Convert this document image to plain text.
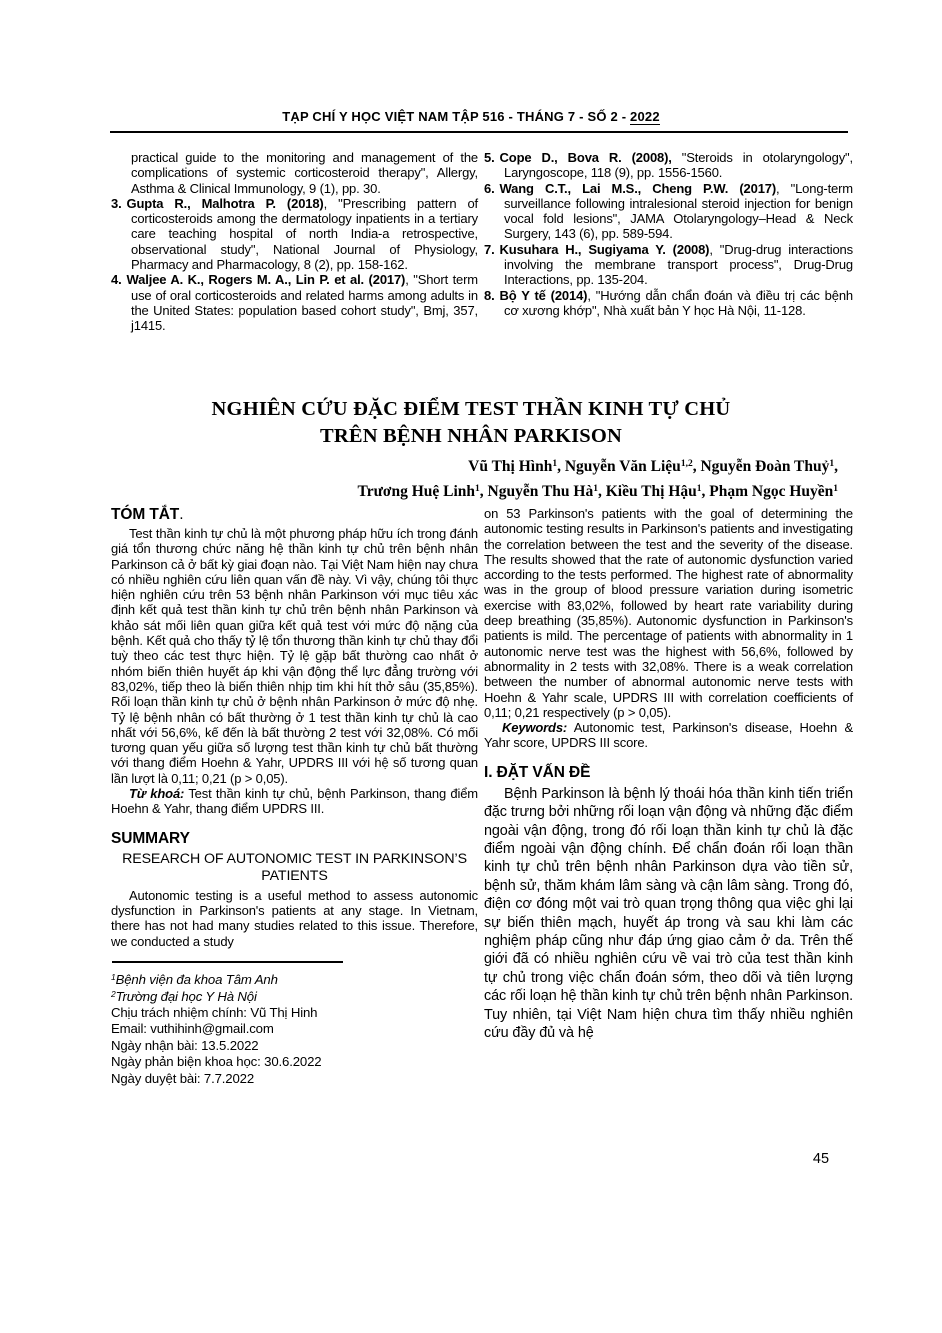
TẠP CHÍ Y HỌC VIỆT NAM TẬP 516 - THÁNG 7 - SỐ 2 - 2022

practical guide to the monitoring and management of the complications of systemic corticosteroid therapy", Allergy, Asthma & Clinical Immunology, 9 (1), pp. 30.

3. Gupta R., Malhotra P. (2018), "Prescribing pattern of corticosteroids among the dermatology inpatients in a tertiary care teaching hospital of north India-a retrospective, observational study", National Journal of Physiology, Pharmacy and Pharmacology, 8 (2), pp. 158-162.

4. Waljee A. K., Rogers M. A., Lin P. et al. (2017), "Short term use of oral corticosteroids and related harms among adults in the United States: population based cohort study", Bmj, 357, j1415.

5. Cope D., Bova R. (2008), "Steroids in otolaryngology", Laryngoscope, 118 (9), pp. 1556-1560.

6. Wang C.T., Lai M.S., Cheng P.W. (2017), "Long-term surveillance following intralesional steroid injection for benign vocal fold lesions", JAMA Otolaryngology–Head & Neck Surgery, 143 (6), pp. 589-594.

7. Kusuhara H., Sugiyama Y. (2008), "Drug-drug interactions involving the membrane transport process", Drug-Drug Interactions, pp. 135-204.

8. Bộ Y tế (2014), "Hướng dẫn chẩn đoán và điều trị các bệnh cơ xương khớp", Nhà xuất bản Y học Hà Nội, 11-128.

NGHIÊN CỨU ĐẶC ĐIỂM TEST THẦN KINH TỰ CHỦ
TRÊN BỆNH NHÂN PARKISON
Vũ Thị Hình$^1$, Nguyễn Văn Liệu$^{1,2}$, Nguyễn Đoàn Thuỷ$^1$,
Trương Huệ Linh$^1$, Nguyễn Thu $Hà^1$, Kiều Thị Hậu$^1$, Phạm Ngọc Huyền$^1$
TÓM TẮT.

Test thần kinh tự chủ là một phương pháp hữu ích trong đánh giá tổn thương chức năng hệ thần kinh tự chủ trên bệnh nhân Parkinson cả ở bất kỳ giai đoạn nào. Tại Việt Nam hiện nay chưa có nhiều nghiên cứu liên quan vấn đề này. Vì vậy, chúng tôi thực hiện nghiên cứu trên 53 bệnh nhân Parkinson với mục tiêu xác định kết quả test thần kinh tự chủ trên bệnh nhân Parkinson và khảo sát mối liên quan giữa kết quả test với mức độ nặng của bệnh. Kết quả cho thấy tỷ lệ tổn thương thần kinh tự chủ thay đổi tuỳ theo các test thực hiện. Tỷ lệ gặp bất thường cao nhất ở nhóm biến thiên huyết áp khi vận động thể lực đẳng trường với 83,02%, tiếp theo là biến thiên nhịp tim khi hít thở sâu (35,85%). Rối loạn thần kinh tự chủ ở bệnh nhân Parkinson ở mức độ nhẹ. Tỷ lệ bệnh nhân có bất thường ở 1 test thần kinh tự chủ là cao nhất với 56,6%, kế đến là bất thường 2 test với 32,08%. Có mối tương quan yếu giữa số lượng test thần kinh tự chủ bất thường với thang điểm Hoehn & Yahr, UPDRS III với hệ số tương quan lần lượt là 0,11; 0,21 (p > 0,05).

Từ khoá: Test thần kinh tự chủ, bệnh Parkinson, thang điểm Hoehn & Yahr, thang điểm UPDRS III.

SUMMARY
RESEARCH OF AUTONOMIC TEST IN PARKINSON’S PATIENTS

Autonomic testing is a useful method to assess autonomic dysfunction in Parkinson's patients at any stage. In Vietnam, there has not had many studies related to this issue. Therefore, we conducted a study

$^1$Bệnh viện đa khoa Tâm Anh
$^2$Trường đại học Y Hà Nội
Chịu trách nhiệm chính: Vũ Thị Hinh
Email: vuthihinh@gmail.com
Ngày nhận bài: 13.5.2022
Ngày phản biện khoa học: 30.6.2022
Ngày duyệt bài: 7.7.2022

on 53 Parkinson's patients with the goal of determining the autonomic testing results in Parkinson's patients and investigating the correlation between the test and the severity of the disease. The results showed that the rate of autonomic dysfunction varied according to the tests performed. The highest rate of abnormality was in the group of blood pressure variation during isometric exercise with 83,02%, followed by heart rate variability during deep breathing (35,85%). Autonomic dysfunction in Parkinson's patients is mild. The percentage of patients with abnormality in 1 autonomic nerve test was the highest with 56,6%, followed by abnormality in 2 tests with 32,08%. There is a weak correlation between the number of abnormal autonomic nerve tests with Hoehn & Yahr scale, UPDRS III with correlation coefficients of 0,11; 0,21 respectively (p > 0,05).

Keywords: Autonomic test, Parkinson's disease, Hoehn & Yahr score, UPDRS III score.

I. ĐẶT VẤN ĐỀ

Bệnh Parkinson là bệnh lý thoái hóa thần kinh tiến triển đặc trưng bởi những rối loạn vận động và những đặc điểm ngoài vận động, trong đó rối loạn thần kinh tự chủ là đặc điểm ngoài vận động chính. Để chẩn đoán rối loạn thần kinh tự chủ trên bệnh nhân Parkinson dựa vào tiền sử, bệnh sử, thăm khám lâm sàng và cận lâm sàng. Trong đó, điện cơ đóng một vai trò quan trọng thông qua việc ghi lại sự biến thiên mạch, huyết áp trong và sau khi làm các nghiệm pháp cũng như đáp ứng giao cảm ở da. Trên thế giới đã có nhiều nghiên cứu về vai trò của test thần kinh tự chủ trong việc chẩn đoán sớm, theo dõi và tiên lượng các rối loạn hệ thần kinh tự chủ trên bệnh nhân Parkinson. Tuy nhiên, tại Việt Nam hiện chưa tìm thấy nhiều nghiên cứu đầy đủ và hệ

45
